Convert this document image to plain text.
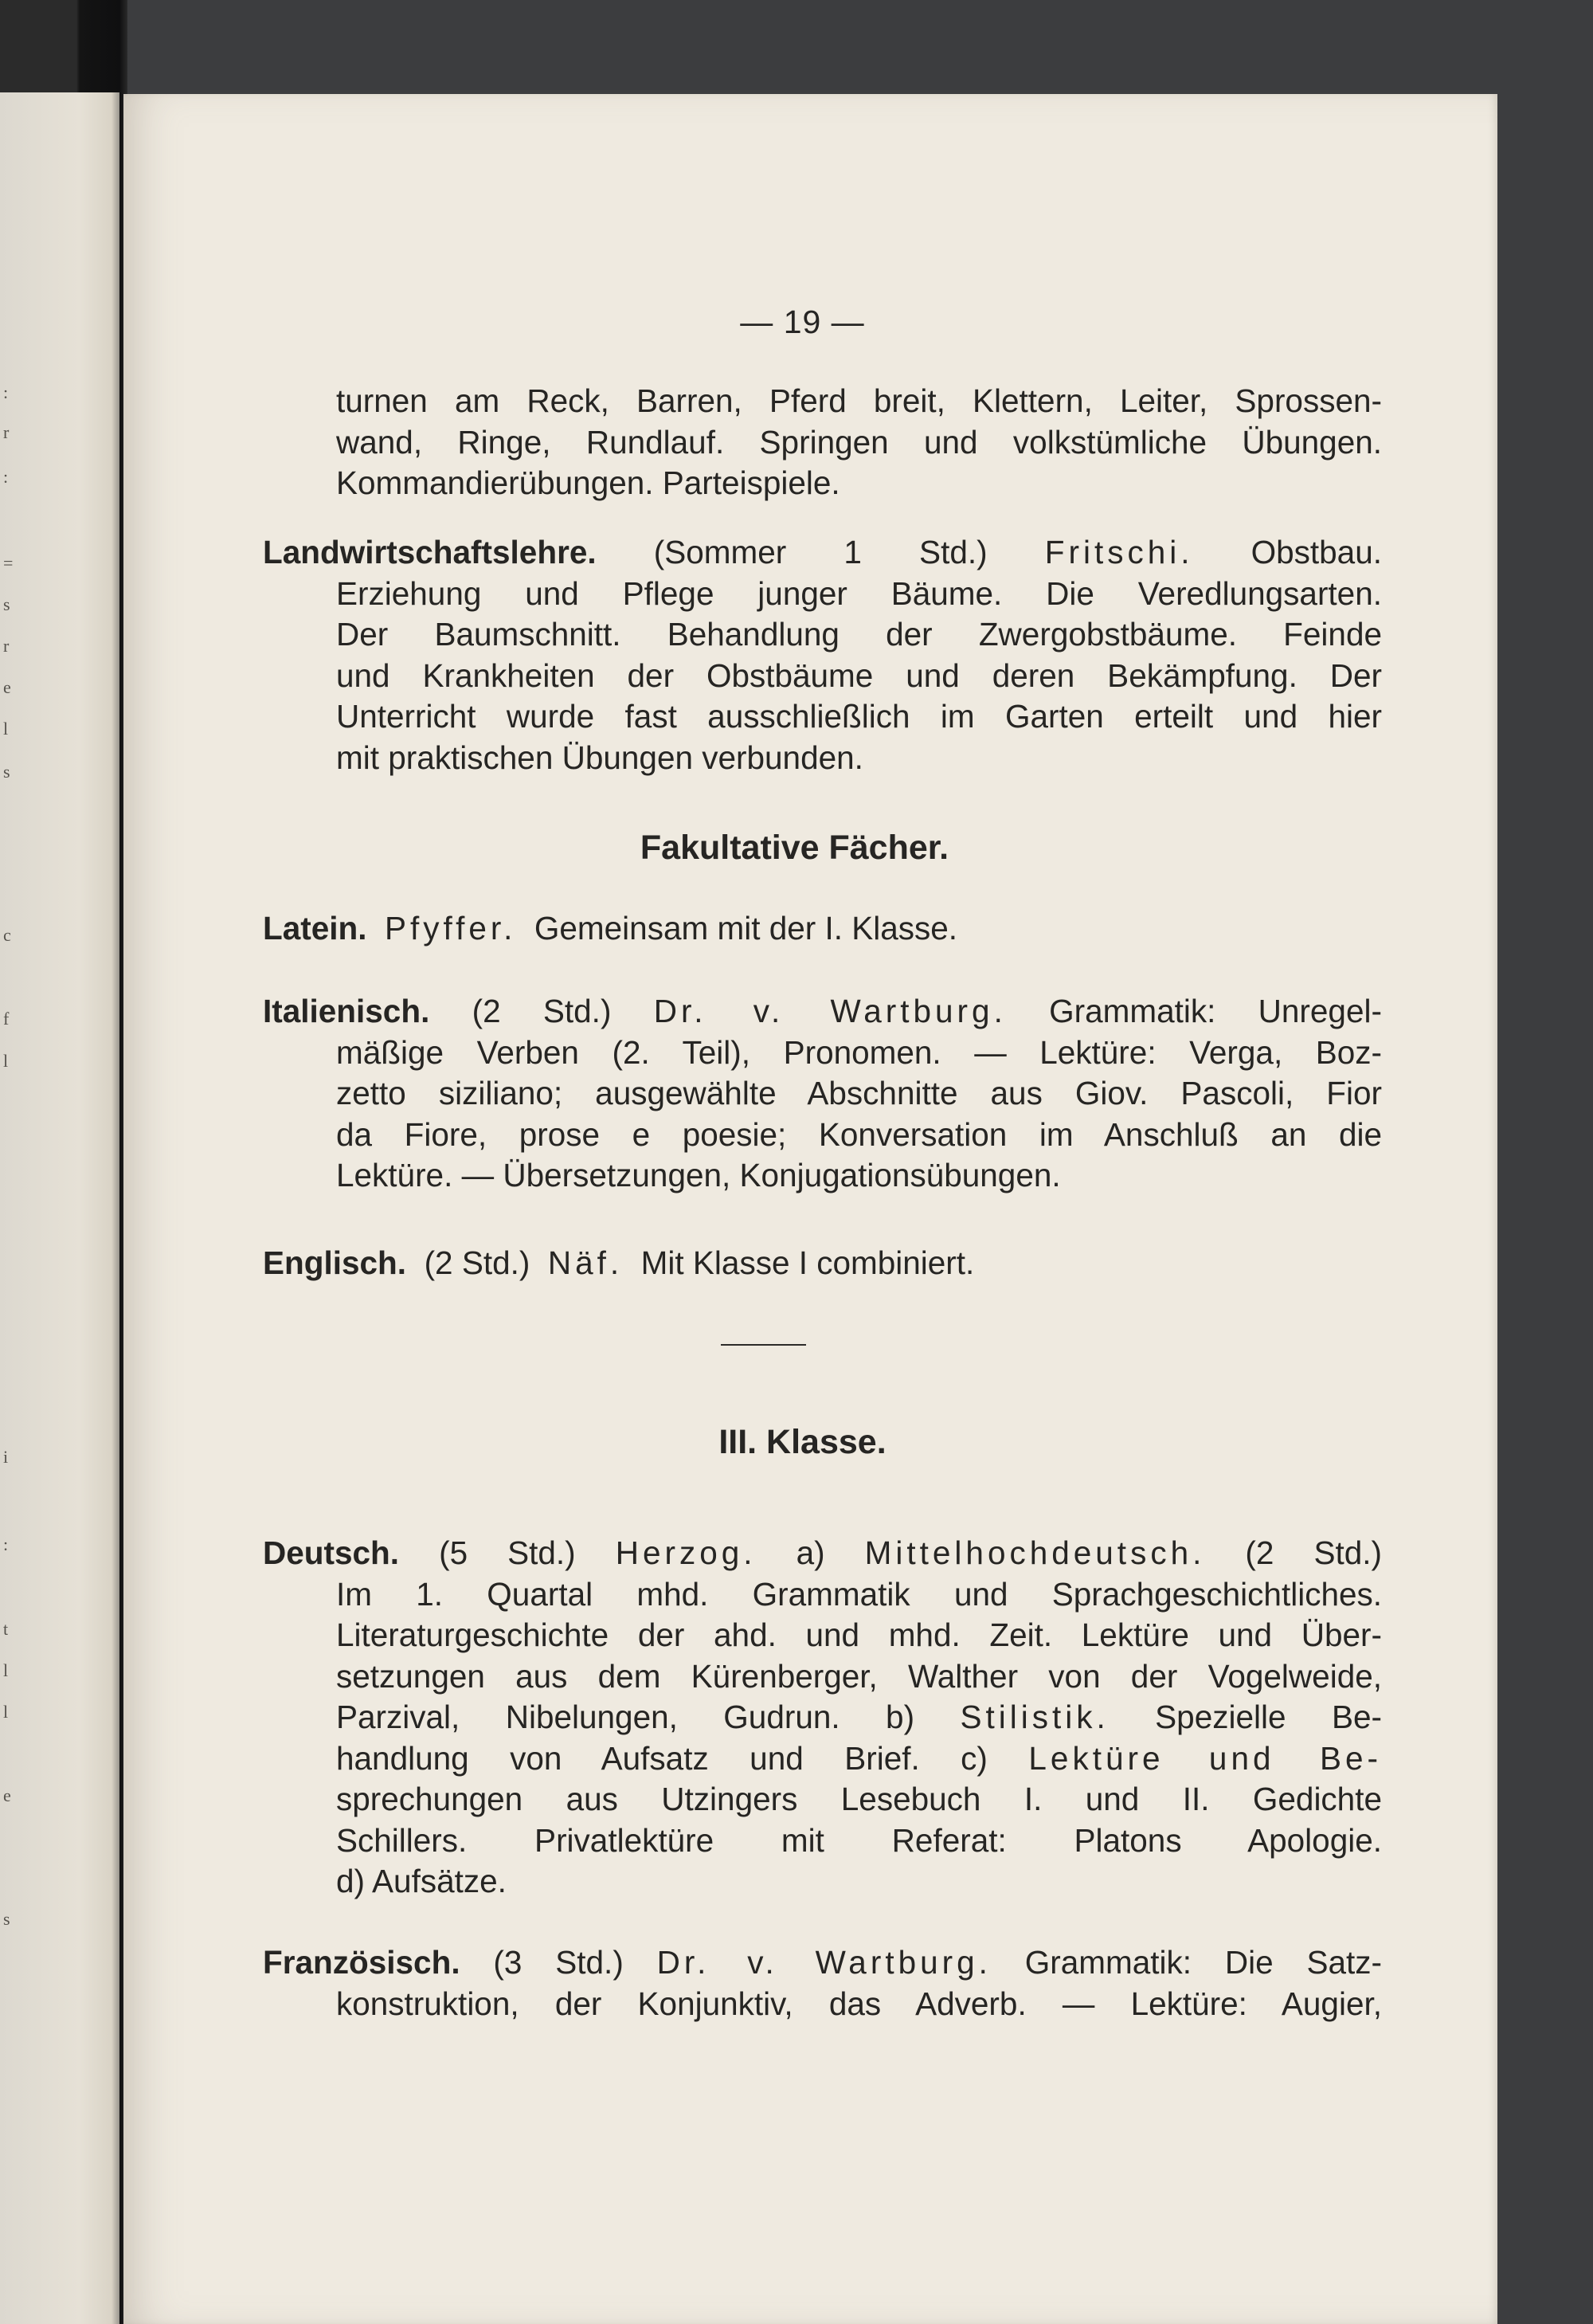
:
r
:
=
s
r
e
l
s
c
f
l
i
:
t
l
l
e
s
— 19 —
turnen am Reck, Barren, Pferd breit, Klettern, Leiter, Sprossen-
wand, Ringe, Rundlauf. Springen und volkstümliche Übungen.
Kommandierübungen. Parteispiele.
Landwirtschaftslehre. (Sommer 1 Std.) Fritschi. Obstbau.
Erziehung und Pflege junger Bäume. Die Veredlungsarten.
Der Baumschnitt. Behandlung der Zwergobstbäume. Feinde
und Krankheiten der Obstbäume und deren Bekämpfung. Der
Unterricht wurde fast ausschließlich im Garten erteilt und hier
mit praktischen Übungen verbunden.
Fakultative Fächer.
Latein. Pfyffer. Gemeinsam mit der I. Klasse.
Italienisch. (2 Std.) Dr. v. Wartburg. Grammatik: Unregel-
mäßige Verben (2. Teil), Pronomen. — Lektüre: Verga, Boz-
zetto siziliano; ausgewählte Abschnitte aus Giov. Pascoli, Fior
da Fiore, prose e poesie; Konversation im Anschluß an die
Lektüre. — Übersetzungen, Konjugationsübungen.
Englisch. (2 Std.) Näf. Mit Klasse I combiniert.
III. Klasse.
Deutsch. (5 Std.) Herzog. a) Mittelhochdeutsch. (2 Std.)
Im 1. Quartal mhd. Grammatik und Sprachgeschichtliches.
Literaturgeschichte der ahd. und mhd. Zeit. Lektüre und Über-
setzungen aus dem Kürenberger, Walther von der Vogelweide,
Parzival, Nibelungen, Gudrun. b) Stilistik. Spezielle Be-
handlung von Aufsatz und Brief. c) Lektüre und Be-
sprechungen aus Utzingers Lesebuch I. und II. Gedichte
Schillers. Privatlektüre mit Referat: Platons Apologie.
d) Aufsätze.
Französisch. (3 Std.) Dr. v. Wartburg. Grammatik: Die Satz-
konstruktion, der Konjunktiv, das Adverb. — Lektüre: Augier,
